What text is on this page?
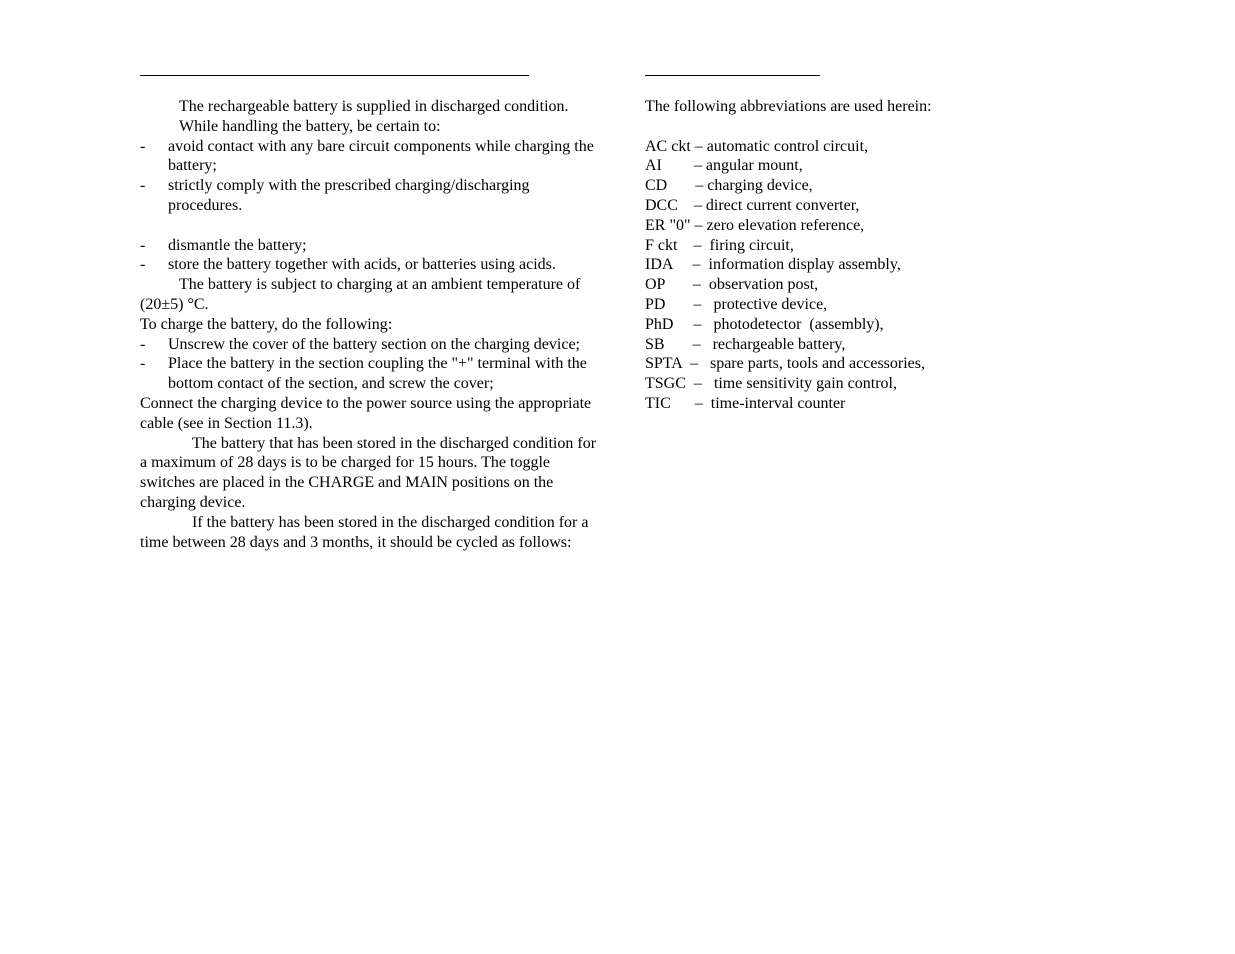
The rechargeable battery is supplied in discharged condition.

While handling the battery, be certain to:

-	avoid contact with any bare circuit components while charging the battery;
-	strictly comply with the prescribed charging/discharging procedures.
-	dismantle the battery;
-	store the battery together with acids, or batteries using acids.

The battery is subject to charging at an ambient temperature of (20±5) °C.

To charge the battery, do the following:

-	Unscrew the cover of the battery section on the charging device;
-	Place the battery in the section coupling the "+" terminal with the bottom contact of the section, and screw the cover;

Connect the charging device to the power source using the appropriate cable (see in Section 11.3).

The battery that has been stored in the discharged condition for a maximum of 28 days is to be charged for 15 hours. The toggle switches are placed in the CHARGE and MAIN positions on the charging device.

If the battery has been stored in the discharged condition for a time between 28 days and 3 months, it should be cycled as follows:

The following abbreviations are used herein:

AC ckt – automatic control circuit,
AI        – angular mount,
CD       – charging device,
DCC    – direct current converter,
ER "0" – zero elevation reference,
F ckt    –  firing circuit,
IDA     –  information display assembly,
OP       –  observation post,
PD       –   protective device,
PhD     –   photodetector  (assembly),
SB       –   rechargeable battery,
SPTA  –   spare parts, tools and accessories,
TSGC  –   time sensitivity gain control,
TIC      –  time-interval counter
